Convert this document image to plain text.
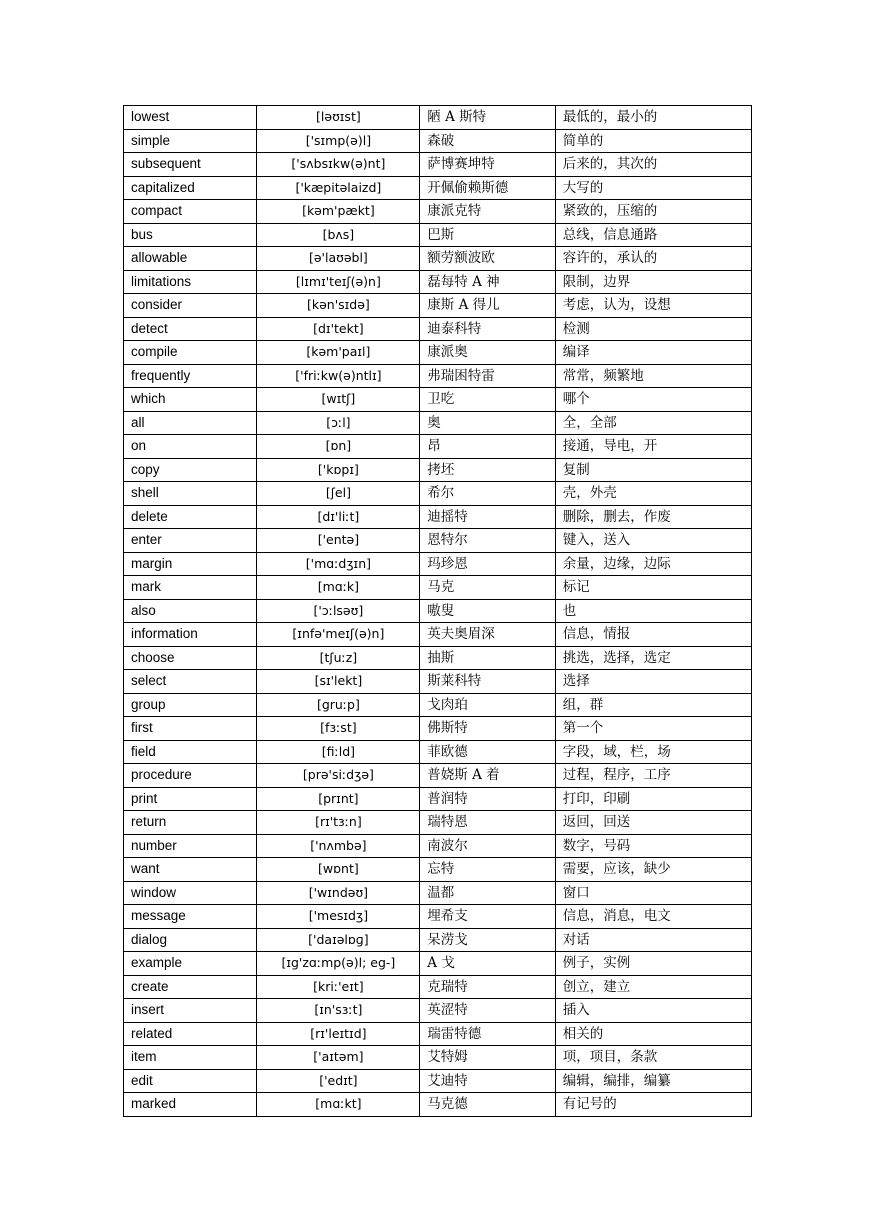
lowest	[ləʊɪst]	陋 A 斯特	最低的，最小的
simple	['sɪmp(ə)l]	森破	简单的
subsequent	['sʌbsɪkw(ə)nt]	萨博赛坤特	后来的，其次的
capitalized	['kæpitəlaizd]	开佩偷赖斯德	大写的
compact	[kəm'pækt]	康派克特	紧致的，压缩的
bus	[bʌs]	巴斯	总线，信息通路
allowable	[ə'laʊəbl]	额劳额波欧	容许的，承认的
limitations	[lɪmɪ'teɪʃ(ə)n]	磊每特 A 神	限制，边界
consider	[kən'sɪdə]	康斯 A 得儿	考虑，认为，设想
detect	[dɪ'tekt]	迪泰科特	检测
compile	[kəm'paɪl]	康派奥	编译
frequently	['friːkw(ə)ntlɪ]	弗瑞困特雷	常常，频繁地
which	[wɪtʃ]	卫吃	哪个
all	[ɔːl]	奥	全，全部
on	[ɒn]	昂	接通，导电，开
copy	['kɒpɪ]	拷坯	复制
shell	[ʃel]	希尔	壳，外壳
delete	[dɪ'liːt]	迪摇特	删除，删去，作废
enter	['entə]	恩特尔	键入，送入
margin	['mɑːdʒɪn]	玛珍恩	余量，边缘，边际
mark	[mɑːk]	马克	标记
also	['ɔːlsəʊ]	嗷叟	也
information	[ɪnfə'meɪʃ(ə)n]	英夫奥眉深	信息，情报
choose	[tʃuːz]	抽斯	挑选，选择，选定
select	[sɪ'lekt]	斯莱科特	选择
group	[gruːp]	戈肉珀	组，群
first	[fɜːst]	佛斯特	第一个
field	[fiːld]	菲欧德	字段，域，栏，场
procedure	[prə'siːdʒə]	普娆斯 A 着	过程，程序，工序
print	[prɪnt]	普润特	打印，印刷
return	[rɪ'tɜːn]	瑞特恩	返回，回送
number	['nʌmbə]	南波尔	数字，号码
want	[wɒnt]	忘特	需要，应该，缺少
window	['wɪndəʊ]	温都	窗口
message	['mesɪdʒ]	埋希支	信息，消息，电文
dialog	['daɪəlɒɡ]	呆涝戈	对话
example	[ɪg'zɑːmp(ə)l; eg-]	A 戈	例子，实例
create	[kriː'eɪt]	克瑞特	创立，建立
insert	[ɪn'sɜːt]	英涩特	插入
related	[rɪ'leɪtɪd]	瑞雷特德	相关的
item	['aɪtəm]	艾特姆	项，项目，条款
edit	['edɪt]	艾迪特	编辑，编排，编纂
marked	[mɑːkt]	马克德	有记号的
